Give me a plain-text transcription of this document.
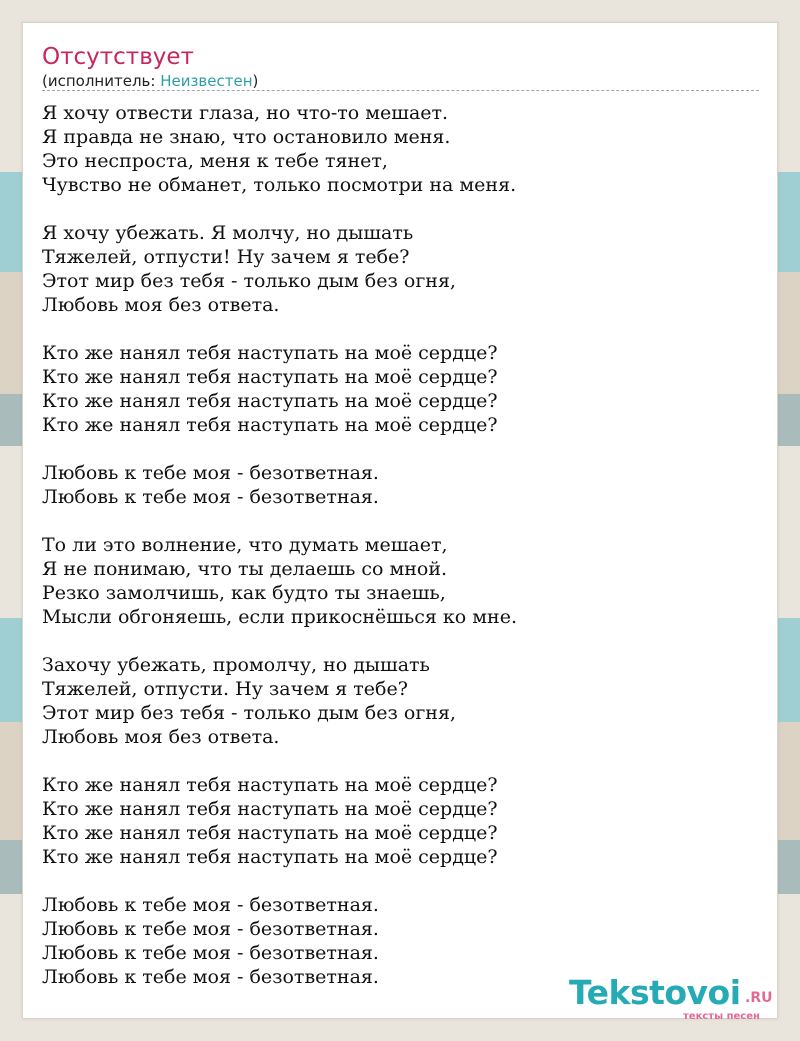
Отсутствует
(исполнитель: Неизвестен)
Я хочу отвести глаза, но что-то мешает.
Я правда не знаю, что остановило меня.
Это неспроста, меня к тебе тянет,
Чувство не обманет, только посмотри на меня.
Я хочу убежать. Я молчу, но дышать
Тяжелей, отпусти! Ну зачем я тебе?
Этот мир без тебя - только дым без огня,
Любовь моя без ответа.
Кто же нанял тебя наступать на моё сердце?
Кто же нанял тебя наступать на моё сердце?
Кто же нанял тебя наступать на моё сердце?
Кто же нанял тебя наступать на моё сердце?
Любовь к тебе моя - безответная.
Любовь к тебе моя - безответная.
То ли это волнение, что думать мешает,
Я не понимаю, что ты делаешь со мной.
Резко замолчишь, как будто ты знаешь,
Мысли обгоняешь, если прикоснёшься ко мне.
Захочу убежать, промолчу, но дышать
Тяжелей, отпусти. Ну зачем я тебе?
Этот мир без тебя - только дым без огня,
Любовь моя без ответа.
Кто же нанял тебя наступать на моё сердце?
Кто же нанял тебя наступать на моё сердце?
Кто же нанял тебя наступать на моё сердце?
Кто же нанял тебя наступать на моё сердце?
Любовь к тебе моя - безответная.
Любовь к тебе моя - безответная.
Любовь к тебе моя - безответная.
Любовь к тебе моя - безответная.	Tekstovoi .RU
тексты песен
